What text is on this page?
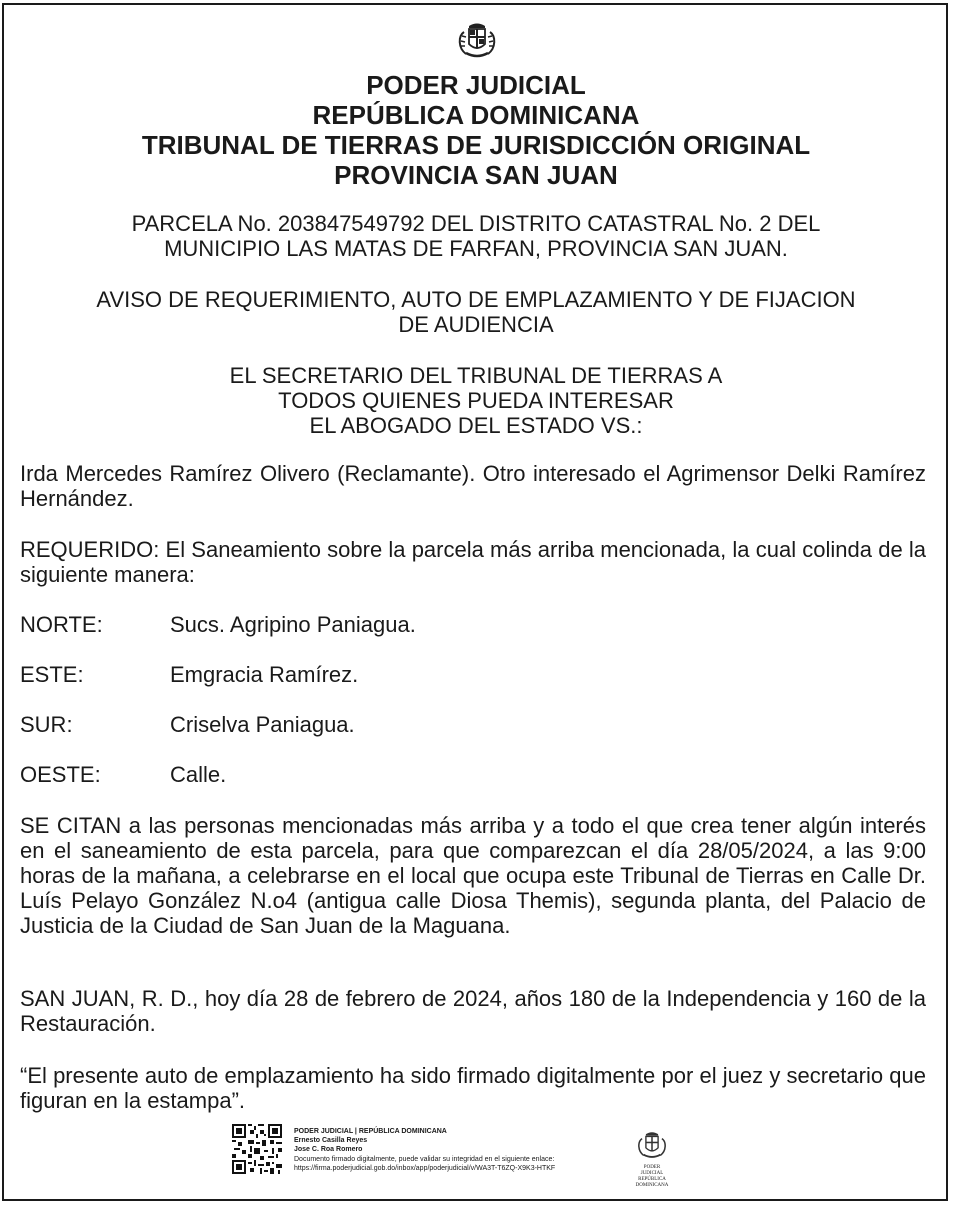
PODER JUDICIAL
REPÚBLICA DOMINICANA
TRIBUNAL DE TIERRAS DE JURISDICCIÓN ORIGINAL
PROVINCIA SAN JUAN
PARCELA No. 203847549792 DEL DISTRITO CATASTRAL No. 2 DEL
MUNICIPIO LAS MATAS DE FARFAN, PROVINCIA SAN JUAN.
AVISO DE REQUERIMIENTO, AUTO DE EMPLAZAMIENTO Y DE FIJACION
DE AUDIENCIA
EL SECRETARIO DEL TRIBUNAL DE TIERRAS A
TODOS QUIENES PUEDA INTERESAR
EL ABOGADO DEL ESTADO VS.:
Irda Mercedes Ramírez Olivero (Reclamante). Otro interesado el Agrimensor Delki Ramírez Hernández.
REQUERIDO: El Saneamiento sobre la parcela más arriba mencionada, la cual colinda de la siguiente manera:
NORTE:	Sucs. Agripino Paniagua.
ESTE:	Emgracia Ramírez.
SUR:	Criselva Paniagua.
OESTE:	Calle.
SE CITAN a las personas mencionadas más arriba y a todo el que crea tener algún interés en el saneamiento de esta parcela, para que comparezcan el día 28/05/2024, a las 9:00 horas de la mañana, a celebrarse en el local que ocupa este Tribunal de Tierras en Calle Dr. Luís Pelayo González N.o4 (antigua calle Diosa Themis), segunda planta, del Palacio de Justicia de la Ciudad de San Juan de la Maguana.
SAN JUAN, R. D., hoy día 28 de febrero de 2024, años 180 de la Independencia y 160 de la Restauración.
“El presente auto de emplazamiento ha sido firmado digitalmente por el juez y secretario que figuran en la estampa”.
PODER JUDICIAL | REPÚBLICA DOMINICANA
Ernesto Casilla Reyes
Jose C. Roa Romero
Documento firmado digitalmente, puede validar su integridad en el siguiente enlace:
https://firma.poderjudicial.gob.do/inbox/app/poderjudicial/v/WA3T-T6ZQ-X9K3-HTKF	PODER JUDICIAL
REPÚBLICA DOMINICANA
